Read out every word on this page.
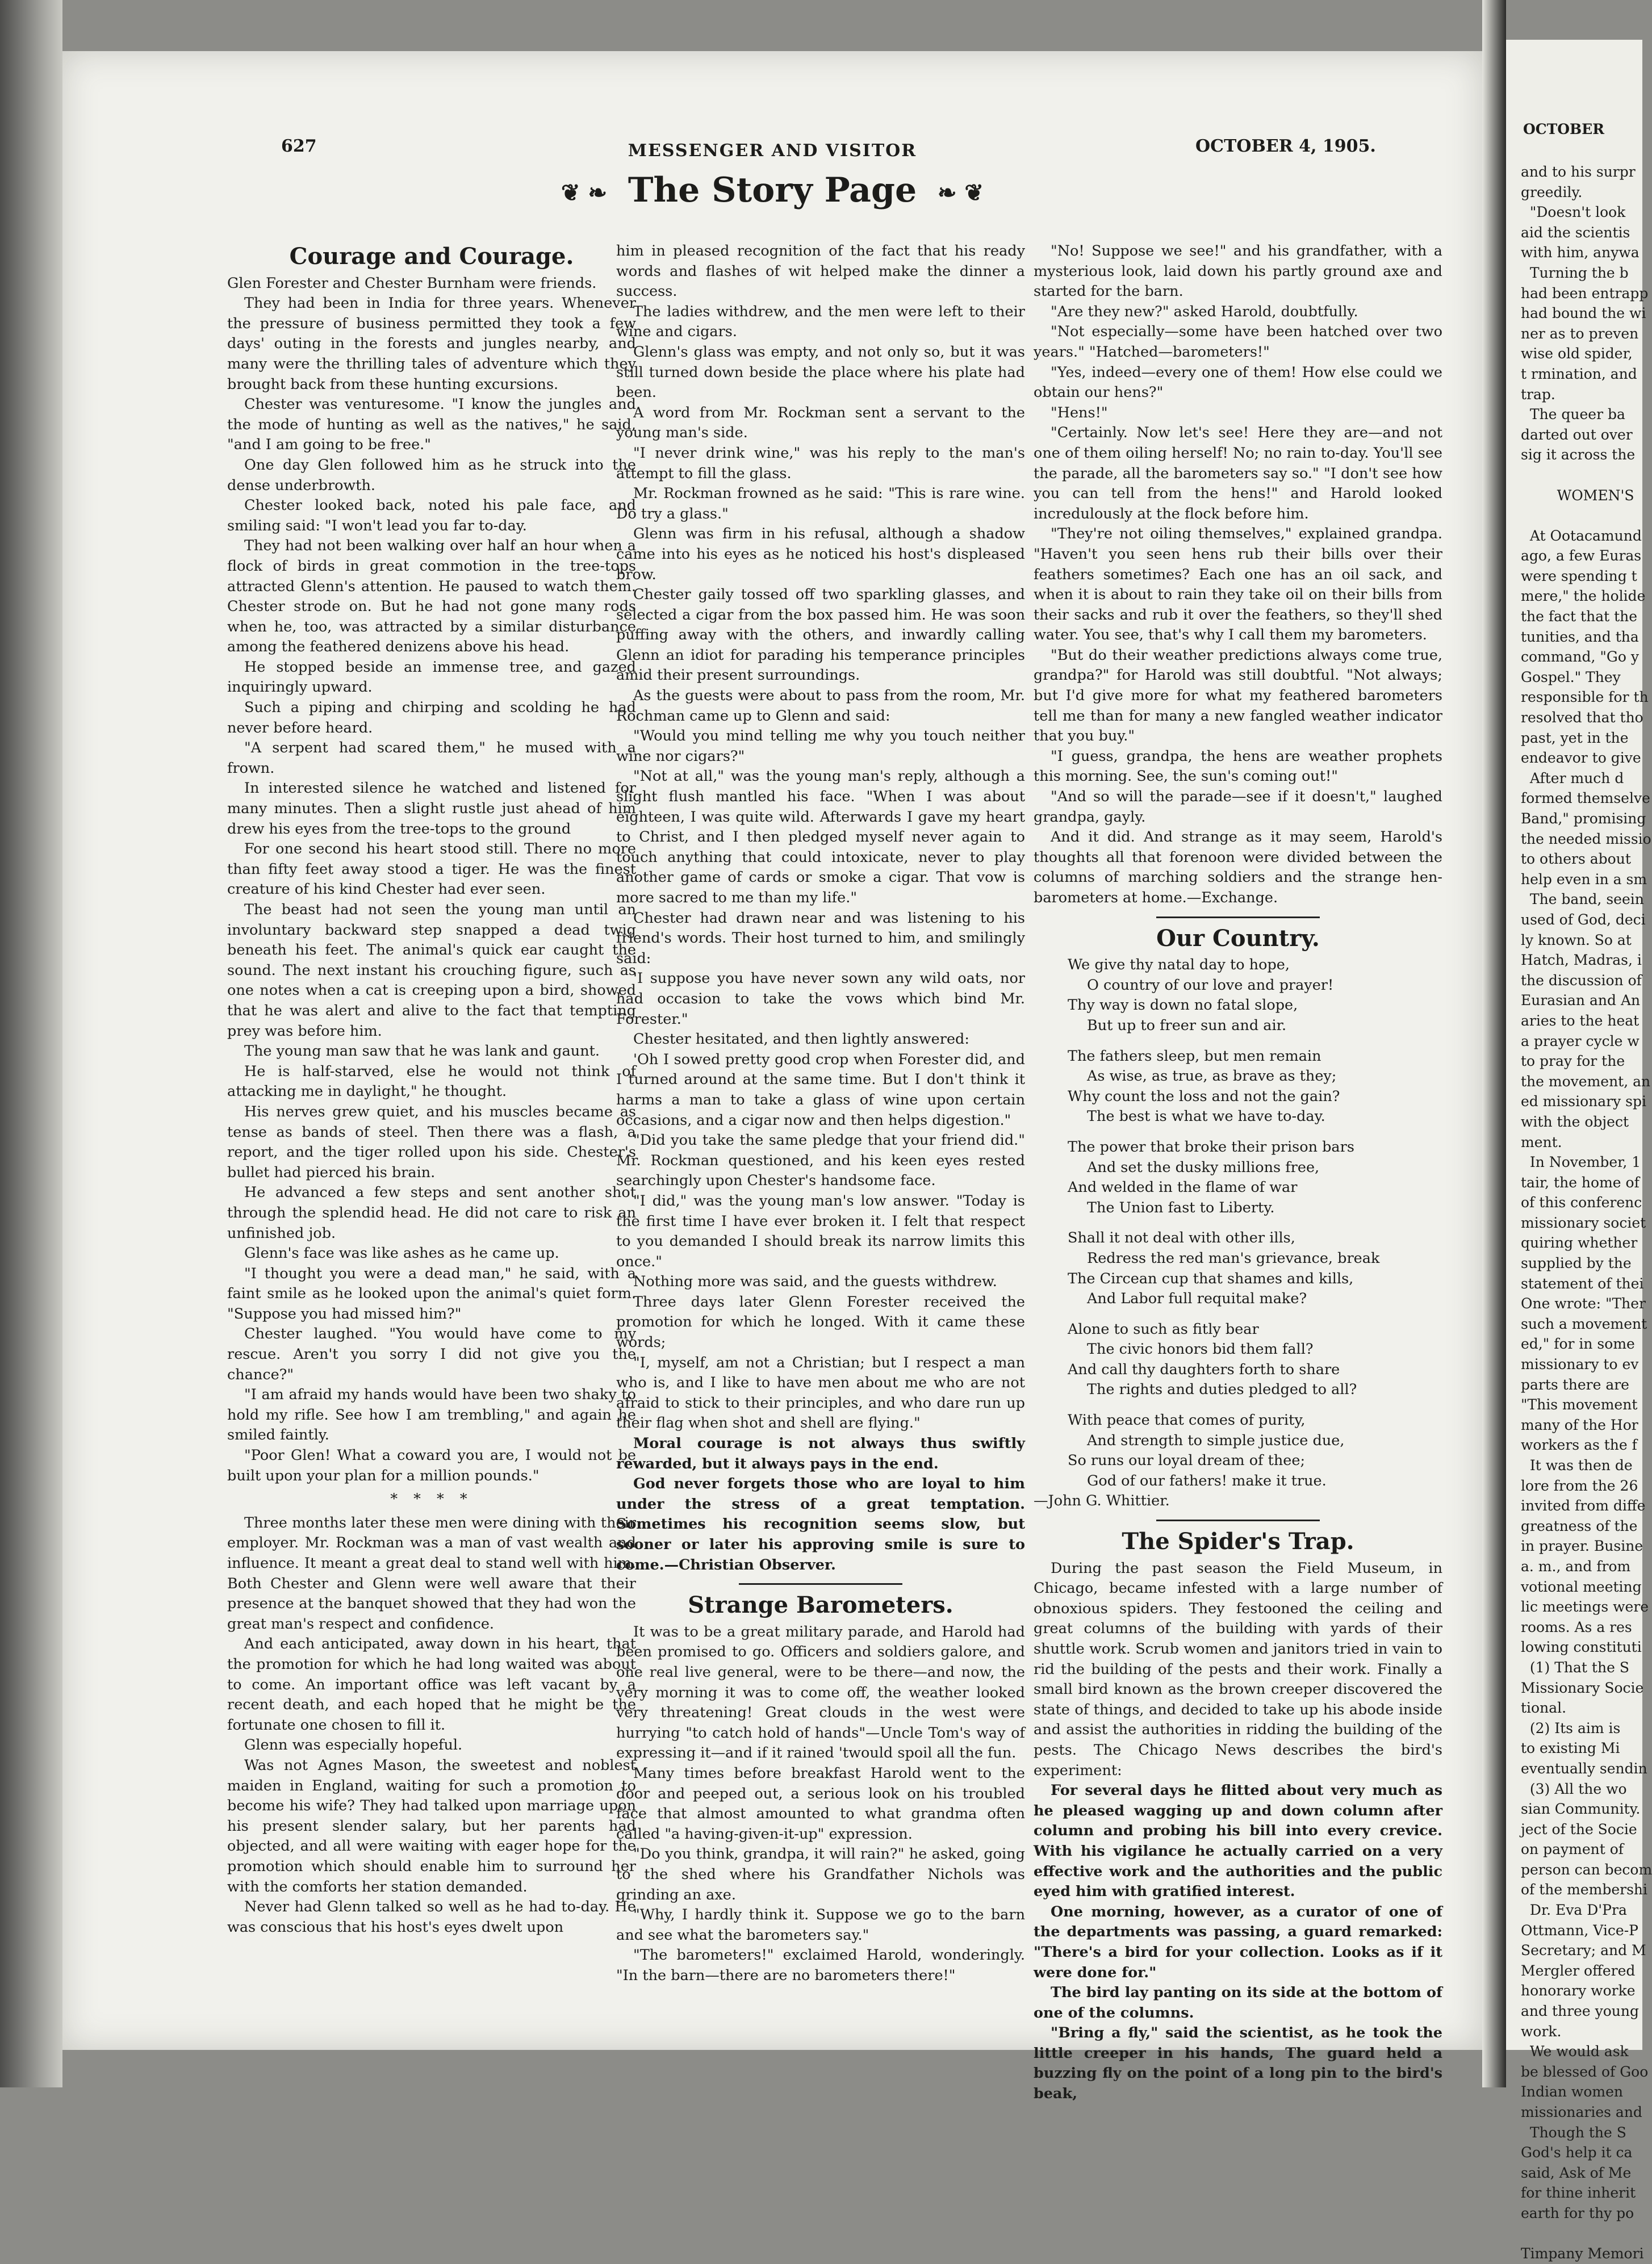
627	MESSENGER AND VISITOR	OCTOBER 4, 1905.
❦ ❧ The Story Page ❧ ❦
Courage and Courage.

Glen Forester and Chester Burnham were friends.

They had been in India for three years. Whenever the pressure of business permitted they took a few days' outing in the forests and jungles nearby, and many were the thrilling tales of adventure which they brought back from these hunting excursions.

Chester was venturesome. "I know the jungles and the mode of hunting as well as the natives," he said, "and I am going to be free."

One day Glen followed him as he struck into the dense underbrowth.

Chester looked back, noted his pale face, and smiling said: "I won't lead you far to-day.

They had not been walking over half an hour when a flock of birds in great commotion in the tree-tops attracted Glenn's attention. He paused to watch them. Chester strode on. But he had not gone many rods when he, too, was attracted by a similar disturbance among the feathered denizens above his head.

He stopped beside an immense tree, and gazed inquiringly upward.

Such a piping and chirping and scolding he had never before heard.

"A serpent had scared them," he mused with a frown.

In interested silence he watched and listened for many minutes. Then a slight rustle just ahead of him drew his eyes from the tree-tops to the ground

For one second his heart stood still. There no more than fifty feet away stood a tiger. He was the finest creature of his kind Chester had ever seen.

The beast had not seen the young man until an involuntary backward step snapped a dead twig beneath his feet. The animal's quick ear caught the sound. The next instant his crouching figure, such as one notes when a cat is creeping upon a bird, showed that he was alert and alive to the fact that tempting prey was before him.

The young man saw that he was lank and gaunt.

He is half-starved, else he would not think of attacking me in daylight," he thought.

His nerves grew quiet, and his muscles became as tense as bands of steel. Then there was a flash, a report, and the tiger rolled upon his side. Chester's bullet had pierced his brain.

He advanced a few steps and sent another shot through the splendid head. He did not care to risk an unfinished job.

Glenn's face was like ashes as he came up.

"I thought you were a dead man," he said, with a faint smile as he looked upon the animal's quiet form. "Suppose you had missed him?"

Chester laughed. "You would have come to my rescue. Aren't you sorry I did not give you the chance?"

"I am afraid my hands would have been two shaky to hold my rifle. See how I am trembling," and again he smiled faintly.

"Poor Glen! What a coward you are, I would not be built upon your plan for a million pounds."

* * * *

Three months later these men were dining with their employer. Mr. Rockman was a man of vast wealth and influence. It meant a great deal to stand well with him. Both Chester and Glenn were well aware that their presence at the banquet showed that they had won the great man's respect and confidence.

And each anticipated, away down in his heart, that the promotion for which he had long waited was about to come. An important office was left vacant by a recent death, and each hoped that he might be the fortunate one chosen to fill it.

Glenn was especially hopeful.

Was not Agnes Mason, the sweetest and noblest maiden in England, waiting for such a promotion to become his wife? They had talked upon marriage upon his present slender salary, but her parents had objected, and all were waiting with eager hope for the promotion which should enable him to surround her with the comforts her station demanded.

Never had Glenn talked so well as he had to-day. He was conscious that his host's eyes dwelt upon

him in pleased recognition of the fact that his ready words and flashes of wit helped make the dinner a success.

The ladies withdrew, and the men were left to their wine and cigars.

Glenn's glass was empty, and not only so, but it was still turned down beside the place where his plate had been.

A word from Mr. Rockman sent a servant to the young man's side.

"I never drink wine," was his reply to the man's attempt to fill the glass.

Mr. Rockman frowned as he said: "This is rare wine. Do try a glass."

Glenn was firm in his refusal, although a shadow came into his eyes as he noticed his host's displeased brow.

Chester gaily tossed off two sparkling glasses, and selected a cigar from the box passed him. He was soon puffing away with the others, and inwardly calling Glenn an idiot for parading his temperance principles amid their present surroundings.

As the guests were about to pass from the room, Mr. Rochman came up to Glenn and said:

"Would you mind telling me why you touch neither wine nor cigars?"

"Not at all," was the young man's reply, although a slight flush mantled his face. "When I was about eighteen, I was quite wild. Afterwards I gave my heart to Christ, and I then pledged myself never again to touch anything that could intoxicate, never to play another game of cards or smoke a cigar. That vow is more sacred to me than my life."

Chester had drawn near and was listening to his friend's words. Their host turned to him, and smilingly said:

'I suppose you have never sown any wild oats, nor had occasion to take the vows which bind Mr. Forester."

Chester hesitated, and then lightly answered:

'Oh I sowed pretty good crop when Forester did, and I turned around at the same time. But I don't think it harms a man to take a glass of wine upon certain occasions, and a cigar now and then helps digestion."

"Did you take the same pledge that your friend did." Mr. Rockman questioned, and his keen eyes rested searchingly upon Chester's handsome face.

"I did," was the young man's low answer. "Today is the first time I have ever broken it. I felt that respect to you demanded I should break its narrow limits this once."

Nothing more was said, and the guests withdrew.

Three days later Glenn Forester received the promotion for which he longed. With it came these words;

"I, myself, am not a Christian; but I respect a man who is, and I like to have men about me who are not afraid to stick to their principles, and who dare run up their flag when shot and shell are flying."

Moral courage is not always thus swiftly rewarded, but it always pays in the end.

God never forgets those who are loyal to him under the stress of a great temptation. Sometimes his recognition seems slow, but sooner or later his approving smile is sure to come.—Christian Observer.

Strange Barometers.

It was to be a great military parade, and Harold had been promised to go. Officers and soldiers galore, and one real live general, were to be there—and now, the very morning it was to come off, the weather looked very threatening! Great clouds in the west were hurrying "to catch hold of hands"—Uncle Tom's way of expressing it—and if it rained 'twould spoil all the fun.

Many times before breakfast Harold went to the door and peeped out, a serious look on his troubled face that almost amounted to what grandma often called "a having-given-it-up" expression.

"Do you think, grandpa, it will rain?" he asked, going to the shed where his Grandfather Nichols was grinding an axe.

"Why, I hardly think it. Suppose we go to the barn and see what the barometers say."

"The barometers!" exclaimed Harold, wonderingly. "In the barn—there are no barometers there!"

"No! Suppose we see!" and his grandfather, with a mysterious look, laid down his partly ground axe and started for the barn.

"Are they new?" asked Harold, doubtfully.

"Not especially—some have been hatched over two years." "Hatched—barometers!"

"Yes, indeed—every one of them! How else could we obtain our hens?"

"Hens!"

"Certainly. Now let's see! Here they are—and not one of them oiling herself! No; no rain to-day. You'll see the parade, all the barometers say so." "I don't see how you can tell from the hens!" and Harold looked incredulously at the flock before him.

"They're not oiling themselves," explained grandpa. "Haven't you seen hens rub their bills over their feathers sometimes? Each one has an oil sack, and when it is about to rain they take oil on their bills from their sacks and rub it over the feathers, so they'll shed water. You see, that's why I call them my barometers.

"But do their weather predictions always come true, grandpa?" for Harold was still doubtful. "Not always; but I'd give more for what my feathered barometers tell me than for many a new fangled weather indicator that you buy."

"I guess, grandpa, the hens are weather prophets this morning. See, the sun's coming out!"

"And so will the parade—see if it doesn't," laughed grandpa, gayly.

And it did. And strange as it may seem, Harold's thoughts all that forenoon were divided between the columns of marching soldiers and the strange hen-barometers at home.—Exchange.

Our Country.

We give thy natal day to hope,

O country of our love and prayer!

Thy way is down no fatal slope,

But up to freer sun and air.

The fathers sleep, but men remain

As wise, as true, as brave as they;

Why count the loss and not the gain?

The best is what we have to-day.

The power that broke their prison bars

And set the dusky millions free,

And welded in the flame of war

The Union fast to Liberty.

Shall it not deal with other ills,

Redress the red man's grievance, break

The Circean cup that shames and kills,

And Labor full requital make?

Alone to such as fitly bear

The civic honors bid them fall?

And call thy daughters forth to share

The rights and duties pledged to all?

With peace that comes of purity,

And strength to simple justice due,

So runs our loyal dream of thee;

God of our fathers! make it true.

—John G. Whittier.

The Spider's Trap.

During the past season the Field Museum, in Chicago, became infested with a large number of obnoxious spiders. They festooned the ceiling and great columns of the building with yards of their shuttle work. Scrub women and janitors tried in vain to rid the building of the pests and their work. Finally a small bird known as the brown creeper discovered the state of things, and decided to take up his abode inside and assist the authorities in ridding the building of the pests. The Chicago News describes the bird's experiment:

For several days he flitted about very much as he pleased wagging up and down column after column and probing his bill into every crevice. With his vigilance he actually carried on a very effective work and the authorities and the public eyed him with gratified interest.

One morning, however, as a curator of one of the departments was passing, a guard remarked: "There's a bird for your collection. Looks as if it were done for."

The bird lay panting on its side at the bottom of one of the columns.

"Bring a fly," said the scientist, as he took the little creeper in his hands, The guard held a buzzing fly on the point of a long pin to the bird's beak,

OCTOBER
and to his surpr
greedily.
"Doesn't look
aid the scientis
with him, anywa
Turning the b
had been entrapp
had bound the wi
ner as to preven
wise old spider,
t rmination, and
trap.
The queer ba
darted out over
sig it across the
WOMEN'S
At Ootacamund
ago, a few Euras
were spending t
mere," the holide
the fact that the
tunities, and tha
command, "Go y
Gospel." They
responsible for th
resolved that tho
past, yet in the
endeavor to give
After much d
formed themselve
Band," promising
the needed missio
to others about
help even in a sm
The band, seein
used of God, deci
ly known. So at
Hatch, Madras, i
the discussion of
Eurasian and An
aries to the heat
a prayer cycle w
to pray for the
the movement, an
ed missionary spi
with the object
ment.
In November, 1
tair, the home of
of this conferenc
missionary societ
quiring whether
supplied by the
statement of thei
One wrote: "Ther
such a movement
ed," for in some
missionary to ev
parts there are
"This movement
many of the Hor
workers as the f
It was then de
lore from the 26
invited from diffe
greatness of the
in prayer. Busine
a. m., and from
votional meeting
lic meetings were
rooms. As a res
lowing constituti
(1) That the S
Missionary Socie
tional.
(2) Its aim is
to existing Mi
eventually sendin
(3) All the wo
sian Community.
ject of the Socie
on payment of
person can becom
of the membershi
Dr. Eva D'Pra
Ottmann, Vice-P
Secretary; and M
Mergler offered
honorary worke
and three young
work.
We would ask
be blessed of Goo
Indian women
missionaries and
Though the S
God's help it ca
said, Ask of Me
for thine inherit
earth for thy po
Timpany Memori
